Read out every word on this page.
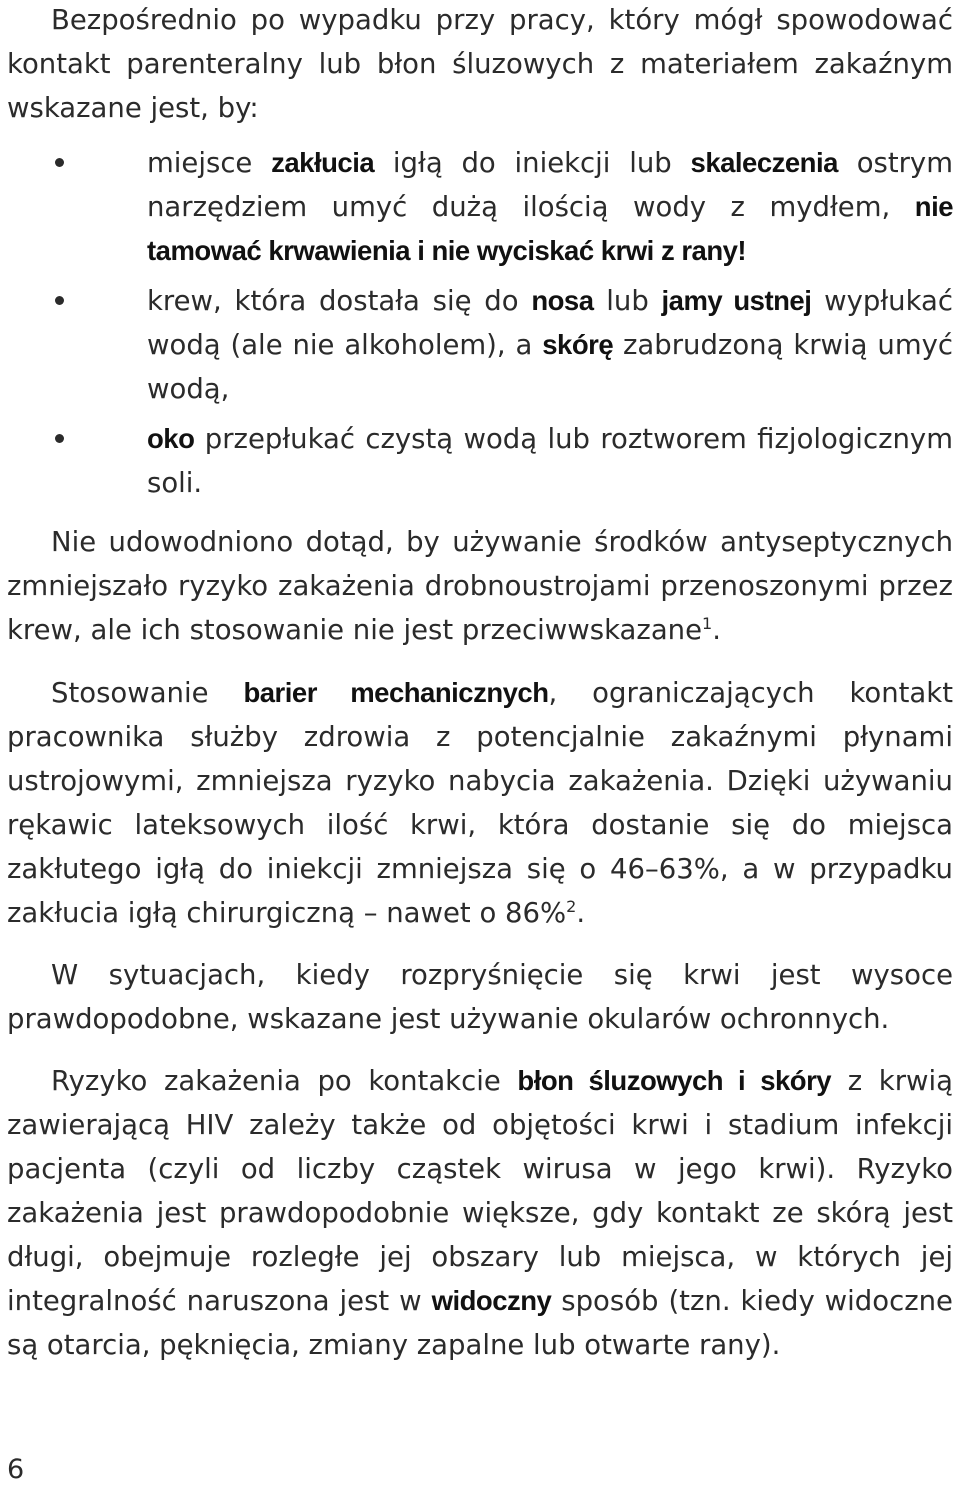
Bezpośrednio po wypadku przy pracy, który mógł spowodować kontakt parenteralny lub błon śluzowych z materiałem zakaźnym wskazane jest, by:

miejsce zakłucia igłą do iniekcji lub skaleczenia ostrym narzędziem umyć dużą ilością wody z mydłem, nie tamować krwawienia i nie wyciskać krwi z rany!
krew, która dostała się do nosa lub jamy ustnej wypłukać wodą (ale nie alkoholem), a skórę zabrudzoną krwią umyć wodą,
oko przepłukać czystą wodą lub roztworem fizjologicznym soli.

Nie udowodniono dotąd, by używanie środków antyseptycznych zmniejszało ryzyko zakażenia drobnoustrojami przenoszonymi przez krew, ale ich stosowanie nie jest przeciwwskazane$^1$.

Stosowanie barier mechanicznych, ograniczających kontakt pracownika służby zdrowia z potencjalnie zakaźnymi płynami ustrojowymi, zmniejsza ryzyko nabycia zakażenia. Dzięki używaniu rękawic lateksowych ilość krwi, która dostanie się do miejsca zakłutego igłą do iniekcji zmniejsza się o 46–63%, a w przypadku zakłucia igłą chirurgiczną – nawet o 86%$^2$.

W sytuacjach, kiedy rozpryśnięcie się krwi jest wysoce prawdopodobne, wskazane jest używanie okularów ochronnych.

Ryzyko zakażenia po kontakcie błon śluzowych i skóry z krwią zawierającą HIV zależy także od objętości krwi i stadium infekcji pacjenta (czyli od liczby cząstek wirusa w jego krwi). Ryzyko zakażenia jest prawdopodobnie większe, gdy kontakt ze skórą jest długi, obejmuje rozległe jej obszary lub miejsca, w których jej integralność naruszona jest w widoczny sposób (tzn. kiedy widoczne są otarcia, pęknięcia, zmiany zapalne lub otwarte rany).

6
